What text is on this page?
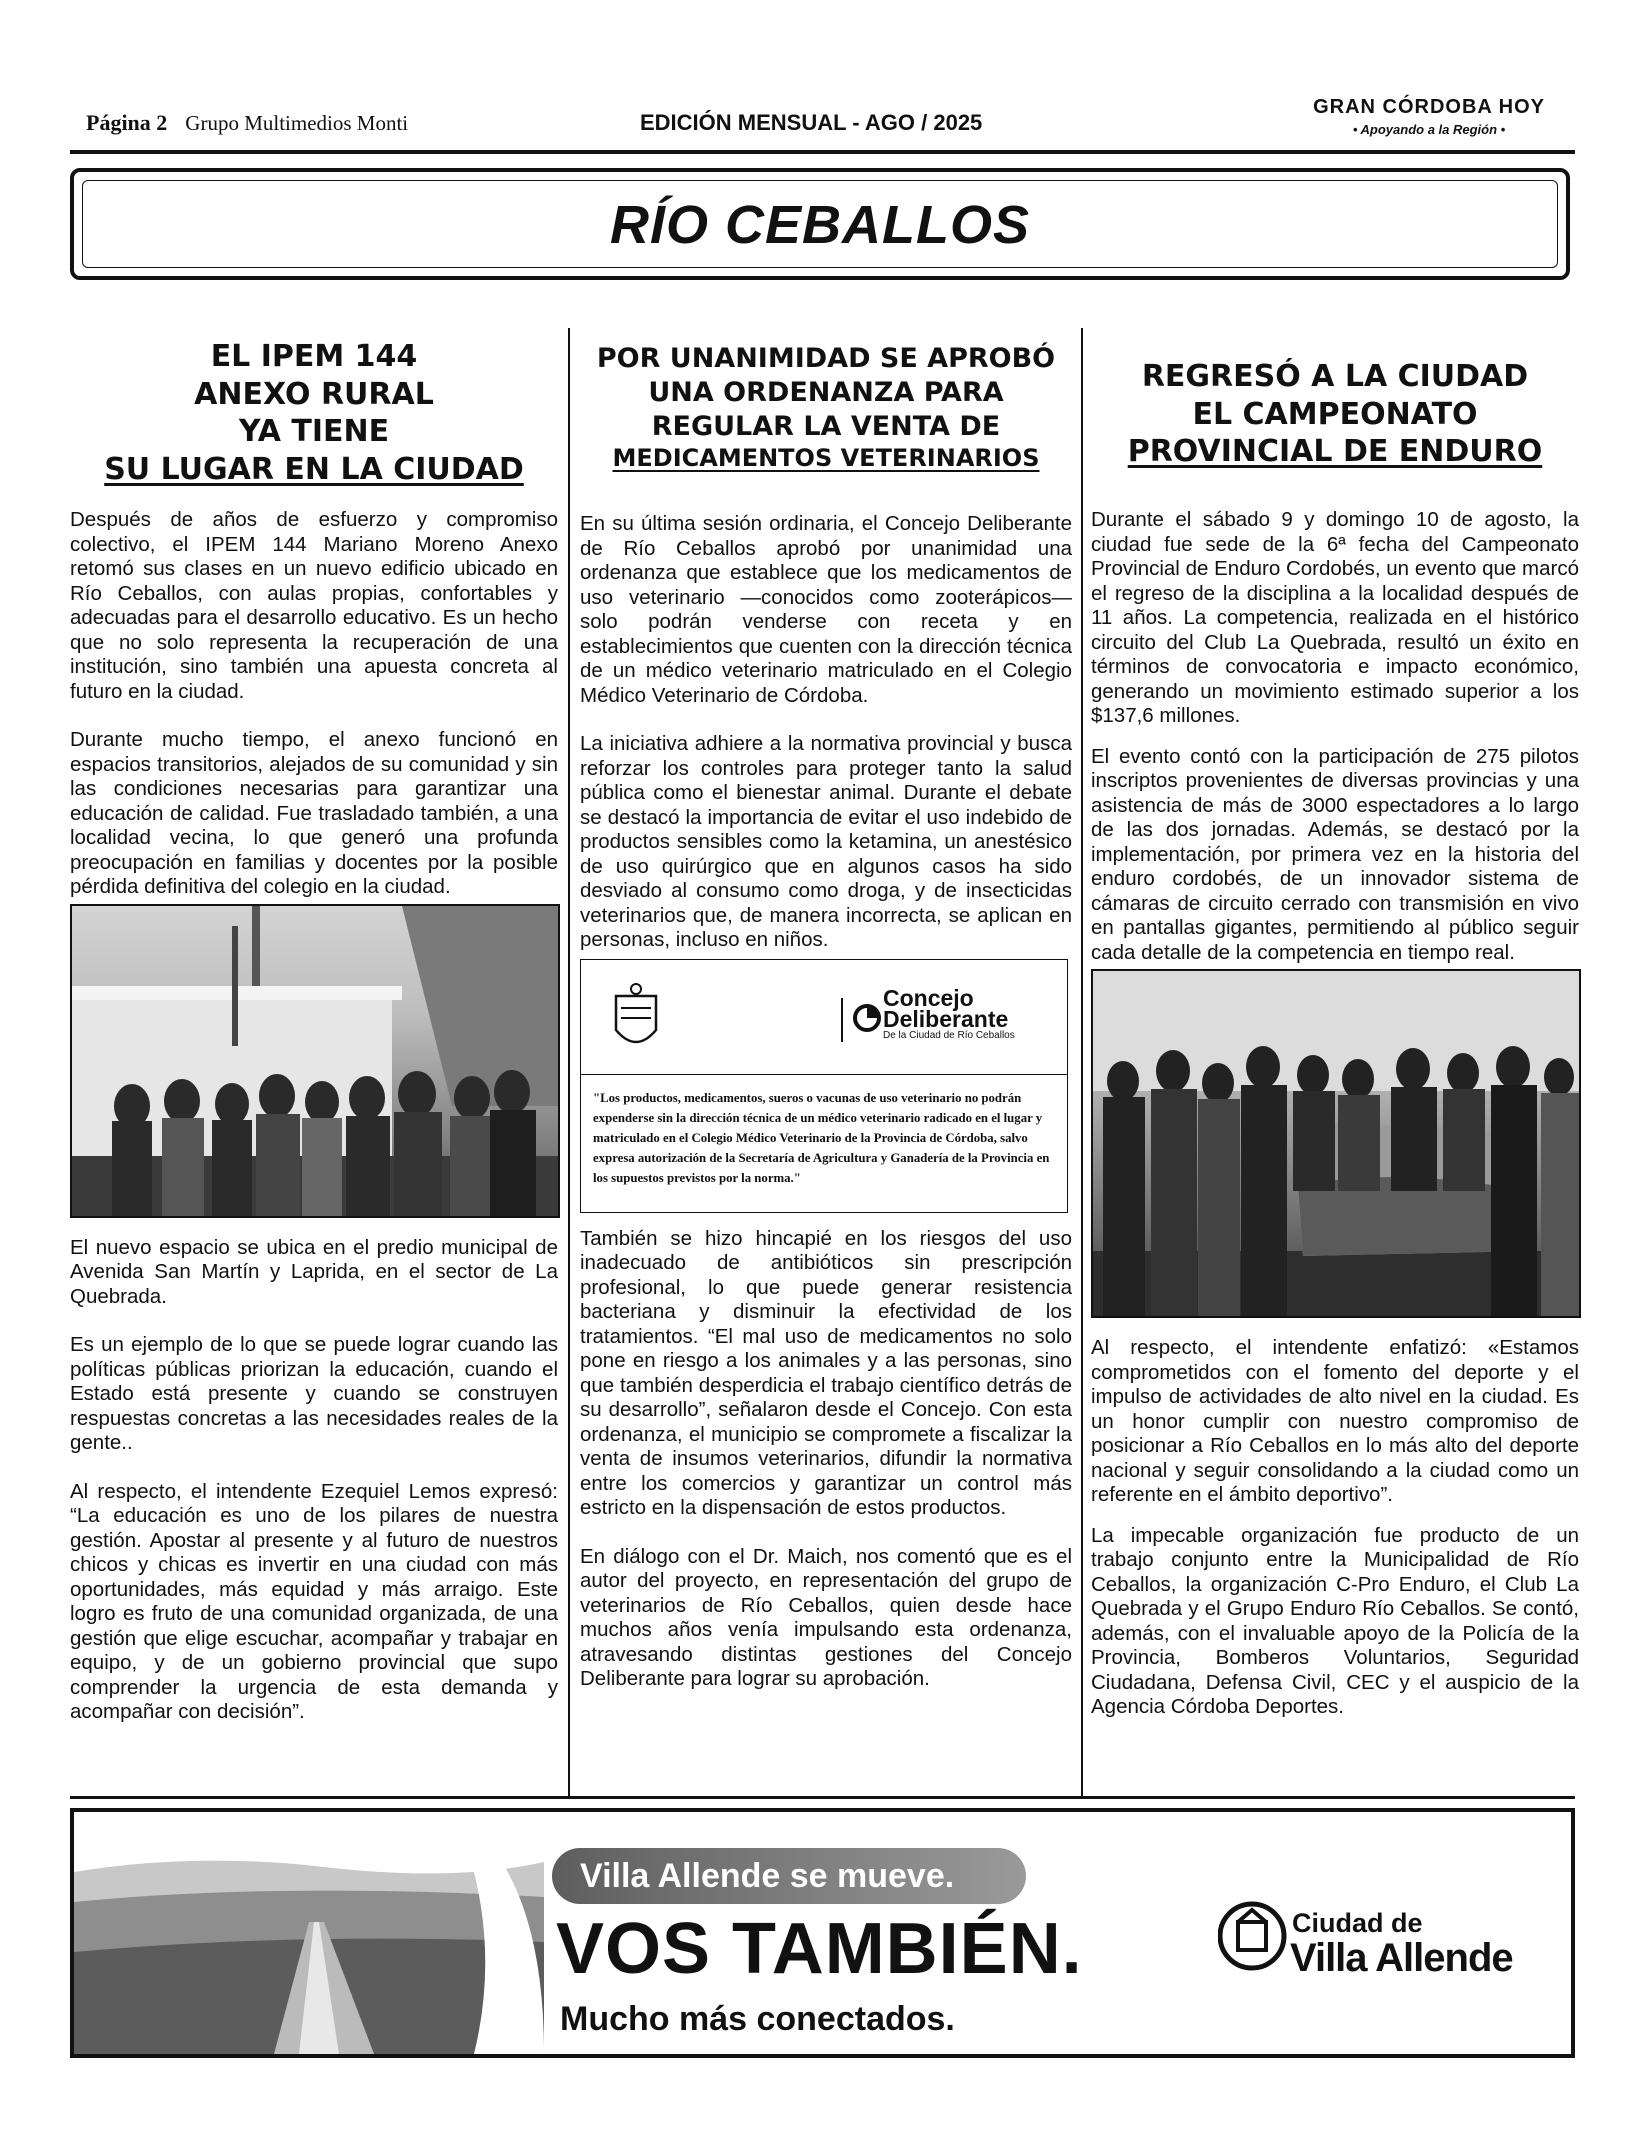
Página 2 Grupo Multimedios Monti	EDICIÓN MENSUAL - AGO / 2025
GRAN CÓRDOBA HOY
• Apoyando a la Región •
RÍO CEBALLOS
EL IPEM 144
ANEXO RURAL
YA TIENE
SU LUGAR EN LA CIUDAD

Después de años de esfuerzo y compromiso colectivo, el IPEM 144 Mariano Moreno Anexo retomó sus clases en un nuevo edificio ubicado en Río Ceballos, con aulas propias, confortables y adecuadas para el desarrollo educativo. Es un hecho que no solo representa la recuperación de una institución, sino también una apuesta concreta al futuro en la ciudad.

Durante mucho tiempo, el anexo funcionó en espacios transitorios, alejados de su comunidad y sin las condiciones necesarias para garantizar una educación de calidad. Fue trasladado también, a una localidad vecina, lo que generó una profunda preocupación en familias y docentes por la posible pérdida definitiva del colegio en la ciudad.

El nuevo espacio se ubica en el predio municipal de Avenida San Martín y Laprida, en el sector de La Quebrada.

Es un ejemplo de lo que se puede lograr cuando las políticas públicas priorizan la educación, cuando el Estado está presente y cuando se construyen respuestas concretas a las necesidades reales de la gente..

Al respecto, el intendente Ezequiel Lemos expresó: “La educación es uno de los pilares de nuestra gestión. Apostar al presente y al futuro de nuestros chicos y chicas es invertir en una ciudad con más oportunidades, más equidad y más arraigo. Este logro es fruto de una comunidad organizada, de una gestión que elige escuchar, acompañar y trabajar en equipo, y de un gobierno provincial que supo comprender la urgencia de esta demanda y acompañar con decisión”.

POR UNANIMIDAD SE APROBÓ
UNA ORDENANZA PARA
REGULAR LA VENTA DE
MEDICAMENTOS VETERINARIOS

En su última sesión ordinaria, el Concejo Deliberante de Río Ceballos aprobó por unanimidad una ordenanza que establece que los medicamentos de uso veterinario —conocidos como zooterápicos— solo podrán venderse con receta y en establecimientos que cuenten con la dirección técnica de un médico veterinario matriculado en el Colegio Médico Veterinario de Córdoba.

La iniciativa adhiere a la normativa provincial y busca reforzar los controles para proteger tanto la salud pública como el bienestar animal. Durante el debate se destacó la importancia de evitar el uso indebido de productos sensibles como la ketamina, un anestésico de uso quirúrgico que en algunos casos ha sido desviado al consumo como droga, y de insecticidas veterinarios que, de manera incorrecta, se aplican en personas, incluso en niños.

Concejo
Deliberante
De la Ciudad de Río Ceballos
"Los productos, medicamentos, sueros o vacunas de uso veterinario no podrán expenderse sin la dirección técnica de un médico veterinario radicado en el lugar y matriculado en el Colegio Médico Veterinario de la Provincia de Córdoba, salvo expresa autorización de la Secretaría de Agricultura y Ganadería de la Provincia en los supuestos previstos por la norma."

También se hizo hincapié en los riesgos del uso inadecuado de antibióticos sin prescripción profesional, lo que puede generar resistencia bacteriana y disminuir la efectividad de los tratamientos. “El mal uso de medicamentos no solo pone en riesgo a los animales y a las personas, sino que también desperdicia el trabajo científico detrás de su desarrollo”, señalaron desde el Concejo. Con esta ordenanza, el municipio se compromete a fiscalizar la venta de insumos veterinarios, difundir la normativa entre los comercios y garantizar un control más estricto en la dispensación de estos productos.

En diálogo con el Dr. Maich, nos comentó que es el autor del proyecto, en representación del grupo de veterinarios de Río Ceballos, quien desde hace muchos años venía impulsando esta ordenanza, atravesando distintas gestiones del Concejo Deliberante para lograr su aprobación.

REGRESÓ A LA CIUDAD
EL CAMPEONATO
PROVINCIAL DE ENDURO

Durante el sábado 9 y domingo 10 de agosto, la ciudad fue sede de la 6ª fecha del Campeonato Provincial de Enduro Cordobés, un evento que marcó el regreso de la disciplina a la localidad después de 11 años. La competencia, realizada en el histórico circuito del Club La Quebrada, resultó un éxito en términos de convocatoria e impacto económico, generando un movimiento estimado superior a los $137,6 millones.

El evento contó con la participación de 275 pilotos inscriptos provenientes de diversas provincias y una asistencia de más de 3000 espectadores a lo largo de las dos jornadas. Además, se destacó por la implementación, por primera vez en la historia del enduro cordobés, de un innovador sistema de cámaras de circuito cerrado con transmisión en vivo en pantallas gigantes, permitiendo al público seguir cada detalle de la competencia en tiempo real.

Al respecto, el intendente enfatizó: «Estamos comprometidos con el fomento del deporte y el impulso de actividades de alto nivel en la ciudad. Es un honor cumplir con nuestro compromiso de posicionar a Río Ceballos en lo más alto del deporte nacional y seguir consolidando a la ciudad como un referente en el ámbito deportivo”.

La impecable organización fue producto de un trabajo conjunto entre la Municipalidad de Río Ceballos, la organización C-Pro Enduro, el Club La Quebrada y el Grupo Enduro Río Ceballos. Se contó, además, con el invaluable apoyo de la Policía de la Provincia, Bomberos Voluntarios, Seguridad Ciudadana, Defensa Civil, CEC y el auspicio de la Agencia Córdoba Deportes.

Villa Allende se mueve.
VOS TAMBIÉN.
Mucho más conectados.
Ciudad de
Villa Allende
